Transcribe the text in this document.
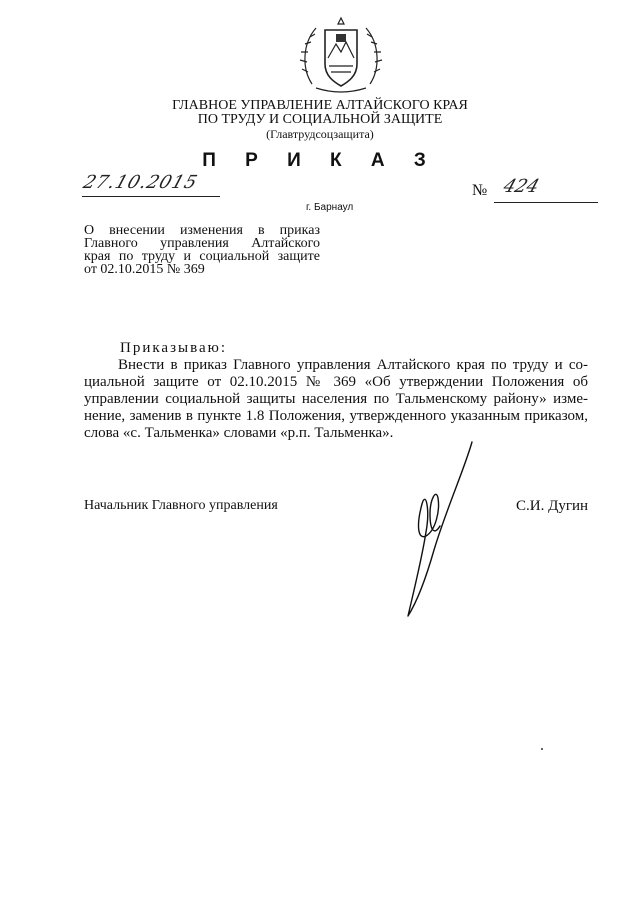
ГЛАВНОЕ УПРАВЛЕНИЕ АЛТАЙСКОГО КРАЯ
ПО ТРУДУ И СОЦИАЛЬНОЙ ЗАЩИТЕ
(Главтрудсоцзащита)
П Р И К А З
27.10.2015
г. Барнаул
№ 424
О внесении изменения в приказ
Главного управления Алтайского
края по труду и социальной защите
от 02.10.2015 № 369
Приказываю:
Внести в приказ Главного управления Алтайского края по труду и со-
циальной защите от 02.10.2015 № 369 «Об утверждении Положения об
управлении социальной защиты населения по Тальменскому району» изме-
нение, заменив в пункте 1.8 Положения, утвержденного указанным приказом,
слова «с. Тальменка» словами «р.п. Тальменка».
Начальник Главного управления	С.И. Дугин
